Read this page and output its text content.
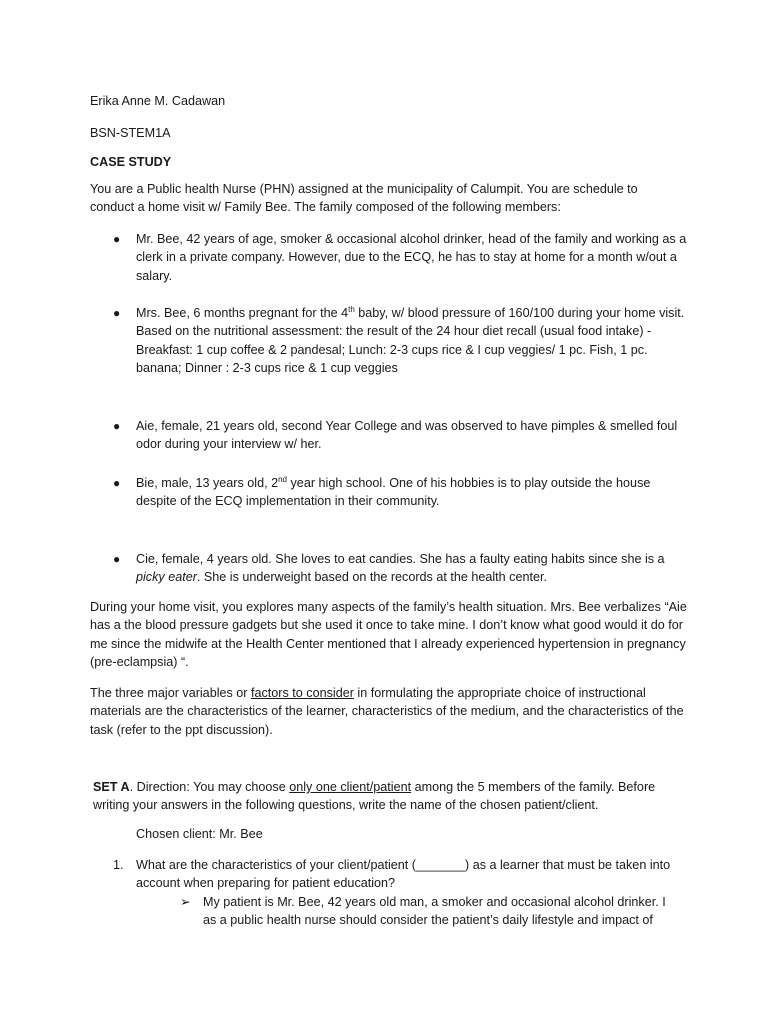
Erika Anne M. Cadawan

BSN-STEM1A

CASE STUDY

You are a Public health Nurse (PHN) assigned at the municipality of Calumpit. You are schedule to conduct a home visit w/ Family Bee. The family composed of the following members:

● Mr. Bee, 42 years of age, smoker & occasional alcohol drinker, head of the family and working as a clerk in a private company. However, due to the ECQ, he has to stay at home for a month w/out a salary.
● Mrs. Bee, 6 months pregnant for the 4th baby, w/ blood pressure of 160/100 during your home visit. Based on the nutritional assessment: the result of the 24 hour diet recall (usual food intake) - Breakfast: 1 cup coffee & 2 pandesal; Lunch: 2-3 cups rice & I cup veggies/ 1 pc. Fish, 1 pc. banana; Dinner : 2-3 cups rice & 1 cup veggies
● Aie, female, 21 years old, second Year College and was observed to have pimples & smelled foul odor during your interview w/ her.
● Bie, male, 13 years old, 2nd year high school. One of his hobbies is to play outside the house despite of the ECQ implementation in their community.
● Cie, female, 4 years old. She loves to eat candies. She has a faulty eating habits since she is a picky eater. She is underweight based on the records at the health center.

During your home visit, you explores many aspects of the family’s health situation. Mrs. Bee verbalizes “Aie has a the blood pressure gadgets but she used it once to take mine. I don’t know what good would it do for me since the midwife at the Health Center mentioned that I already experienced hypertension in pregnancy (pre-eclampsia) “.

The three major variables or factors to consider in formulating the appropriate choice of instructional materials are the characteristics of the learner, characteristics of the medium, and the characteristics of the task (refer to the ppt discussion).

SET A. Direction: You may choose only one client/patient among the 5 members of the family. Before writing your answers in the following questions, write the name of the chosen patient/client.

Chosen client: Mr. Bee

1. What are the characteristics of your client/patient (_______) as a learner that must be taken into account when preparing for patient education?
➢ My patient is Mr. Bee, 42 years old man, a smoker and occasional alcohol drinker. I as a public health nurse should consider the patient’s daily lifestyle and impact of
